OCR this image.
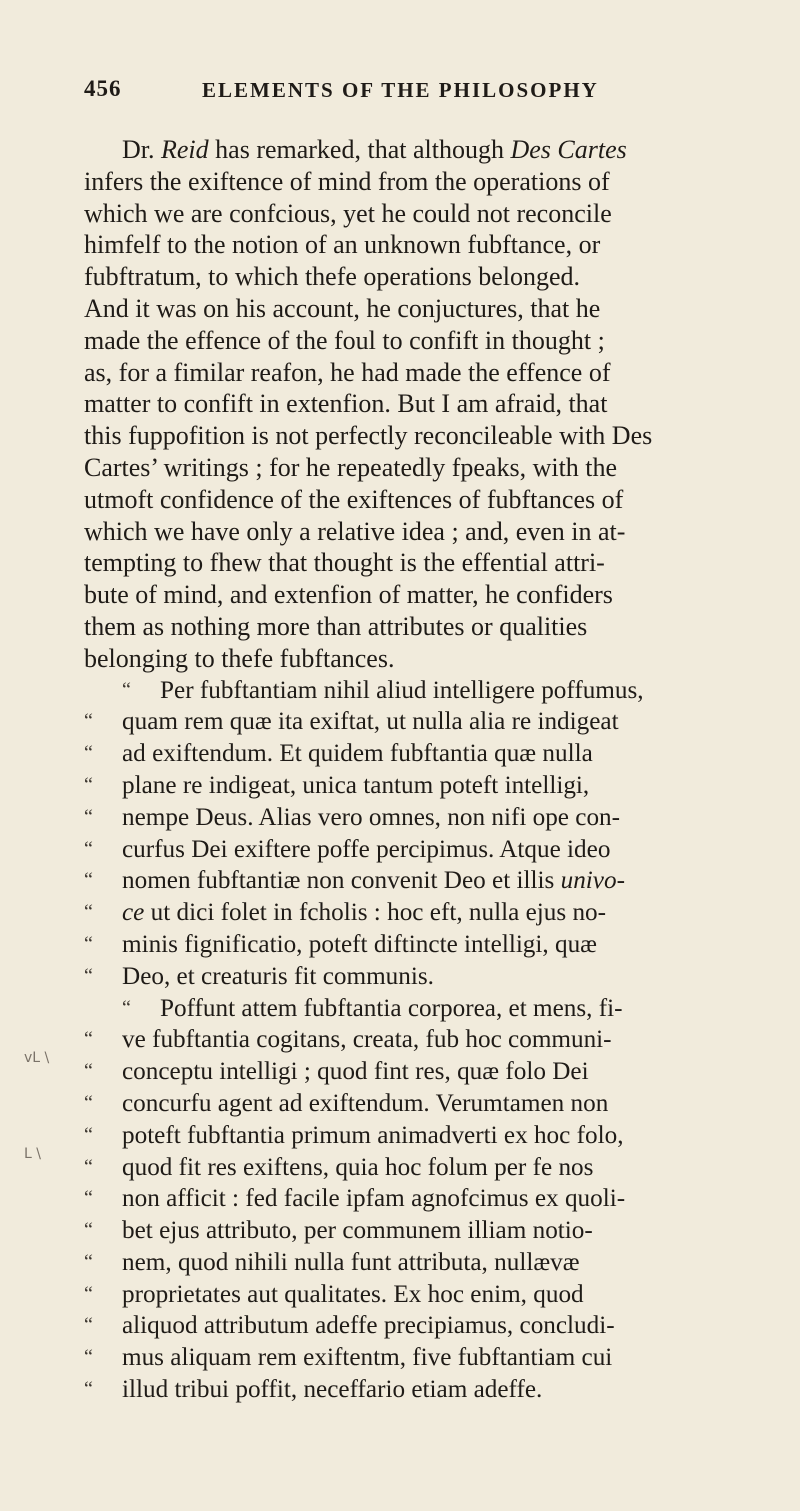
456	ELEMENTS OF THE PHILOSOPHY
vL \
L \

Dr. Reid has remarked, that although Des Cartes
infers the exiftence of mind from the operations of
which we are confcious, yet he could not reconcile
himfelf to the notion of an unknown fubftance, or
fubftratum, to which thefe operations belonged.
And it was on his account, he conjuctures, that he
made the effence of the foul to confift in thought ;
as, for a fimilar reafon, he had made the effence of
matter to confift in extenfion. But I am afraid, that
this fuppofition is not perfectly reconcileable with Des
Cartes’ writings ; for he repeatedly fpeaks, with the
utmoft confidence of the exiftences of fubftances of
which we have only a relative idea ; and, even in at-
tempting to fhew that thought is the effential attri-
bute of mind, and extenfion of matter, he confiders
them as nothing more than attributes or qualities
belonging to thefe fubftances.

“ Per fubftantiam nihil aliud intelligere poffumus,
“ quam rem quæ ita exiftat, ut nulla alia re indigeat
“ ad exiftendum. Et quidem fubftantia quæ nulla
“ plane re indigeat, unica tantum poteft intelligi,
“ nempe Deus. Alias vero omnes, non nifi ope con-
“ curfus Dei exiftere poffe percipimus. Atque ideo
“ nomen fubftantiæ non convenit Deo et illis univo-
“ ce ut dici folet in fcholis : hoc eft, nulla ejus no-
“ minis fignificatio, poteft diftincte intelligi, quæ
“ Deo, et creaturis fit communis.
“ Poffunt attem fubftantia corporea, et mens, fi-
“ ve fubftantia cogitans, creata, fub hoc communi-
“ conceptu intelligi ; quod fint res, quæ folo Dei
“ concurfu agent ad exiftendum. Verumtamen non
“ poteft fubftantia primum animadverti ex hoc folo,
“ quod fit res exiftens, quia hoc folum per fe nos
“ non afficit : fed facile ipfam agnofcimus ex quoli-
“ bet ejus attributo, per communem illiam notio-
“ nem, quod nihili nulla funt attributa, nullævæ
“ proprietates aut qualitates. Ex hoc enim, quod
“ aliquod attributum adeffe precipiamus, concludi-
“ mus aliquam rem exiftentm, five fubftantiam cui
“ illud tribui poffit, neceffario etiam adeffe.
